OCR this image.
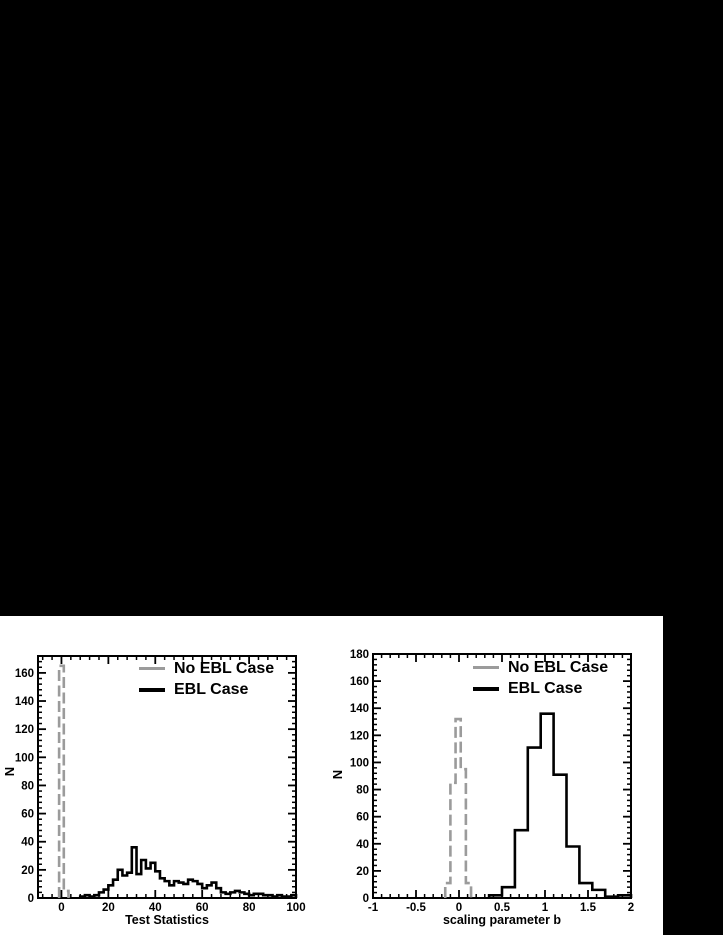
0	20	40	60	80	100
0
20
40
60
80
100
120
140
160
-1 -0.5	0	0.5	1	1.5	2
0
20
40
60
80
100
120
140
160
180
No EBL Case
EBL Case
No EBL Case
EBL Case
Test Statistics	scaling parameter b
N	N
